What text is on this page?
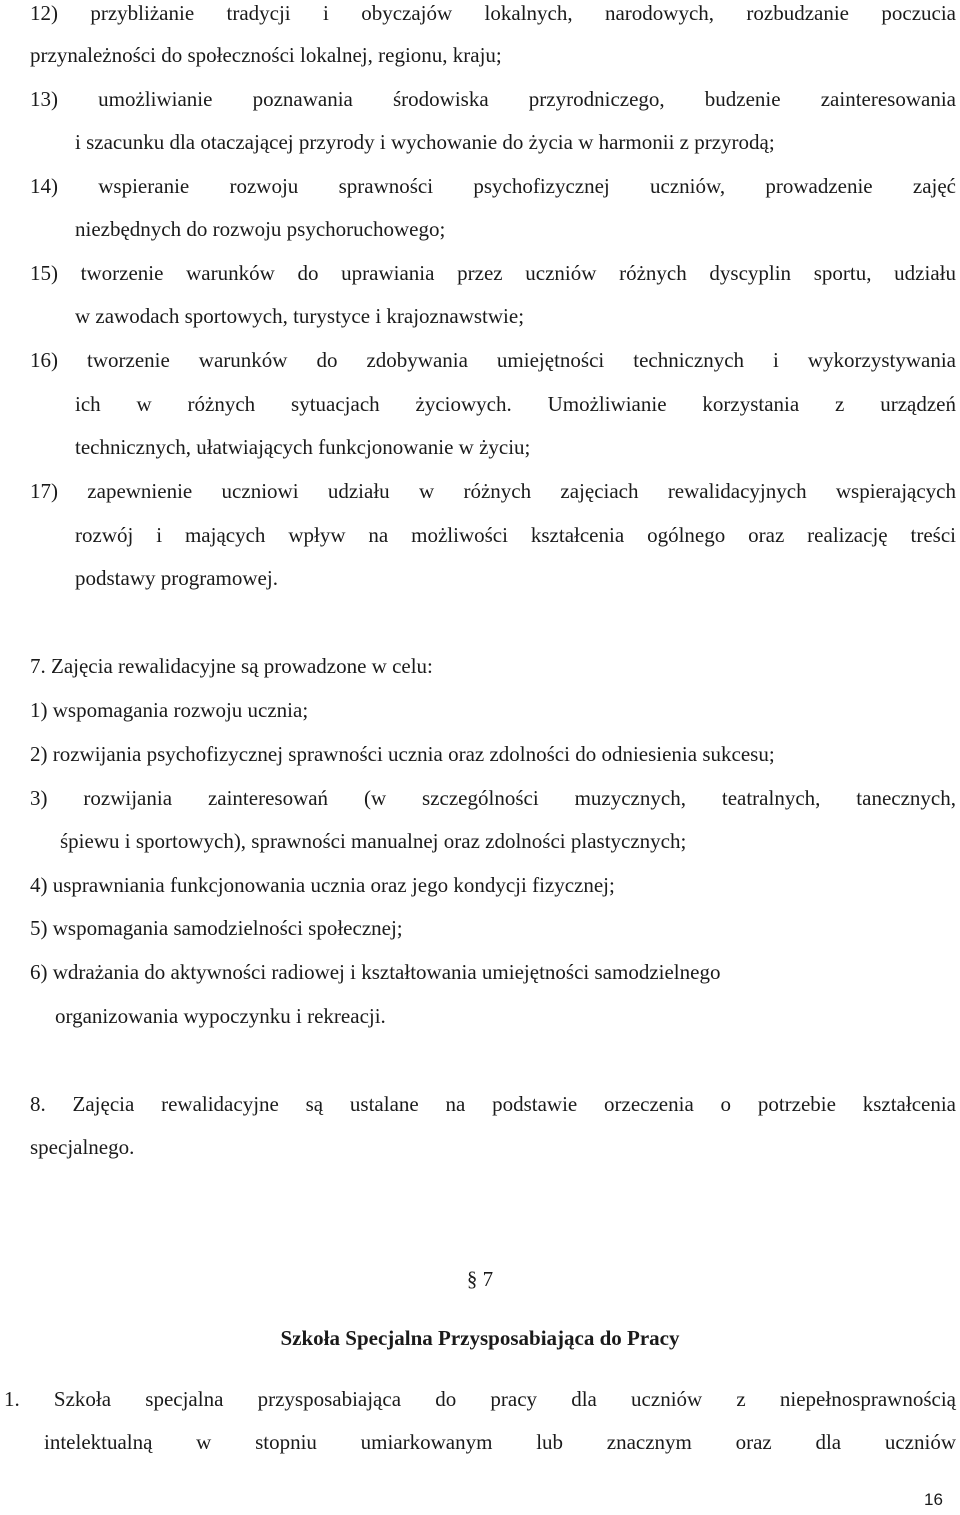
12) przybliżanie tradycji i obyczajów lokalnych, narodowych, rozbudzanie poczucia
przynależności do społeczności lokalnej, regionu, kraju;
13) umożliwianie poznawania środowiska przyrodniczego, budzenie zainteresowania
i szacunku dla otaczającej przyrody i wychowanie do życia w harmonii z przyrodą;
14) wspieranie rozwoju sprawności psychofizycznej uczniów, prowadzenie zajęć
niezbędnych do rozwoju psychoruchowego;
15) tworzenie warunków do uprawiania przez uczniów różnych dyscyplin sportu, udziału
w zawodach sportowych, turystyce i krajoznawstwie;
16) tworzenie warunków do zdobywania umiejętności technicznych i wykorzystywania
ich w różnych sytuacjach życiowych. Umożliwianie korzystania z urządzeń
technicznych, ułatwiających funkcjonowanie w życiu;
17) zapewnienie uczniowi udziału w różnych zajęciach rewalidacyjnych wspierających
rozwój i mających wpływ na możliwości kształcenia ogólnego oraz realizację treści
podstawy programowej.
7. Zajęcia rewalidacyjne są prowadzone w celu:
1) wspomagania rozwoju ucznia;
2) rozwijania psychofizycznej sprawności ucznia oraz zdolności do odniesienia sukcesu;
3) rozwijania zainteresowań (w szczególności muzycznych, teatralnych, tanecznych,
śpiewu i sportowych), sprawności manualnej oraz zdolności plastycznych;
4) usprawniania funkcjonowania ucznia oraz jego kondycji fizycznej;
5) wspomagania samodzielności społecznej;
6) wdrażania do aktywności radiowej i kształtowania umiejętności samodzielnego
organizowania wypoczynku i rekreacji.
8. Zajęcia rewalidacyjne są ustalane na podstawie orzeczenia o potrzebie kształcenia
specjalnego.
§ 7
Szkoła Specjalna Przysposabiająca do Pracy
1. Szkoła specjalna przysposabiająca do pracy dla uczniów z niepełnosprawnością
intelektualną w stopniu umiarkowanym lub znacznym oraz dla uczniów
16
